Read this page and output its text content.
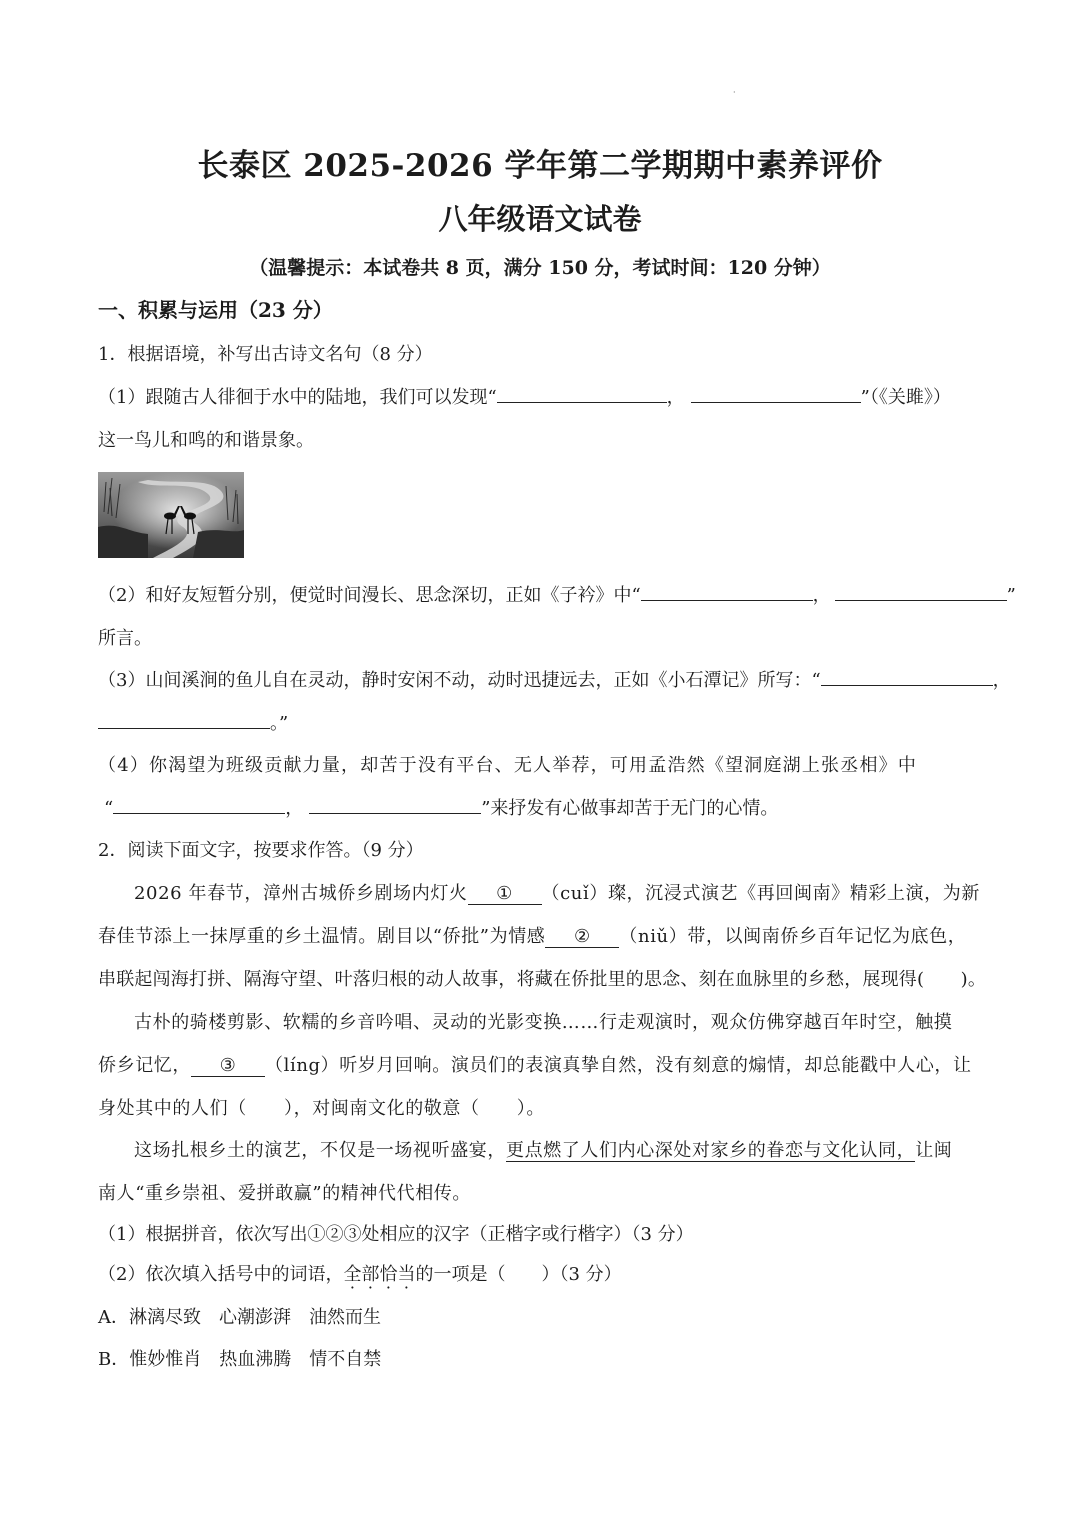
·
长泰区 2025-2026 学年第二学期期中素养评价
八年级语文试卷
（温馨提示：本试卷共 8 页，满分 150 分，考试时间：120 分钟）
一、积累与运用（23 分）
1．根据语境，补写出古诗文名句（8 分）
（1）跟随古人徘徊于水中的陆地，我们可以发现“	，	”（《关雎》）
这一鸟儿和鸣的和谐景象。
（2）和好友短暂分别，便觉时间漫长、思念深切，正如《子衿》中“	，	”
所言。
（3）山间溪涧的鱼儿自在灵动，静时安闲不动，动时迅捷远去，正如《小石潭记》所写：“	，
。”
（4）你渴望为班级贡献力量，却苦于没有平台、无人举荐，可用孟浩然《望洞庭湖上张丞相》中
“	，	”来抒发有心做事却苦于无门的心情。
2．阅读下面文字，按要求作答。（9 分）
2026 年春节，漳州古城侨乡剧场内灯火 ① （cuǐ）璨，沉浸式演艺《再回闽南》精彩上演，为新
春佳节添上一抹厚重的乡土温情。剧目以“侨批”为情感 ② （niǔ）带，以闽南侨乡百年记忆为底色，
串联起闯海打拼、隔海守望、叶落归根的动人故事，将藏在侨批里的思念、刻在血脉里的乡愁，展现得(　　)。
古朴的骑楼剪影、软糯的乡音吟唱、灵动的光影变换……行走观演时，观众仿佛穿越百年时空，触摸
侨乡记忆， ③ （líng）听岁月回响。演员们的表演真挚自然，没有刻意的煽情，却总能戳中人心，让
身处其中的人们（　　），对闽南文化的敬意（　　）。
这场扎根乡土的演艺，不仅是一场视听盛宴，更点燃了人们内心深处对家乡的眷恋与文化认同，让闽
南人“重乡崇祖、爱拼敢赢”的精神代代相传。
（1）根据拼音，依次写出①②③处相应的汉字（正楷字或行楷字）（3 分）
（2）依次填入括号中的词语，全部恰当的一项是（　　）（3 分）
A．淋漓尽致　心潮澎湃　油然而生
B．惟妙惟肖　热血沸腾　情不自禁
